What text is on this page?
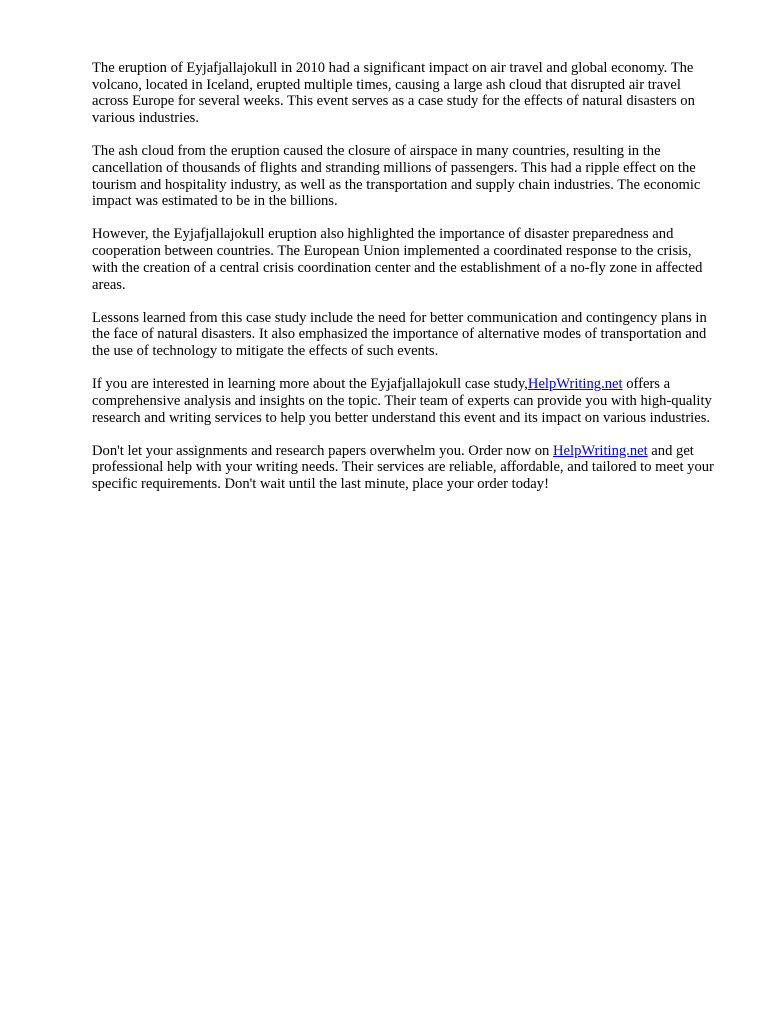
The eruption of Eyjafjallajokull in 2010 had a significant impact on air travel and global economy. The volcano, located in Iceland, erupted multiple times, causing a large ash cloud that disrupted air travel across Europe for several weeks. This event serves as a case study for the effects of natural disasters on various industries.

The ash cloud from the eruption caused the closure of airspace in many countries, resulting in the cancellation of thousands of flights and stranding millions of passengers. This had a ripple effect on the tourism and hospitality industry, as well as the transportation and supply chain industries. The economic impact was estimated to be in the billions.

However, the Eyjafjallajokull eruption also highlighted the importance of disaster preparedness and cooperation between countries. The European Union implemented a coordinated response to the crisis, with the creation of a central crisis coordination center and the establishment of a no-fly zone in affected areas.

Lessons learned from this case study include the need for better communication and contingency plans in the face of natural disasters. It also emphasized the importance of alternative modes of transportation and the use of technology to mitigate the effects of such events.

If you are interested in learning more about the Eyjafjallajokull case study,HelpWriting.net offers a comprehensive analysis and insights on the topic. Their team of experts can provide you with high-quality research and writing services to help you better understand this event and its impact on various industries.

Don't let your assignments and research papers overwhelm you. Order now on HelpWriting.net and get professional help with your writing needs. Their services are reliable, affordable, and tailored to meet your specific requirements. Don't wait until the last minute, place your order today!
